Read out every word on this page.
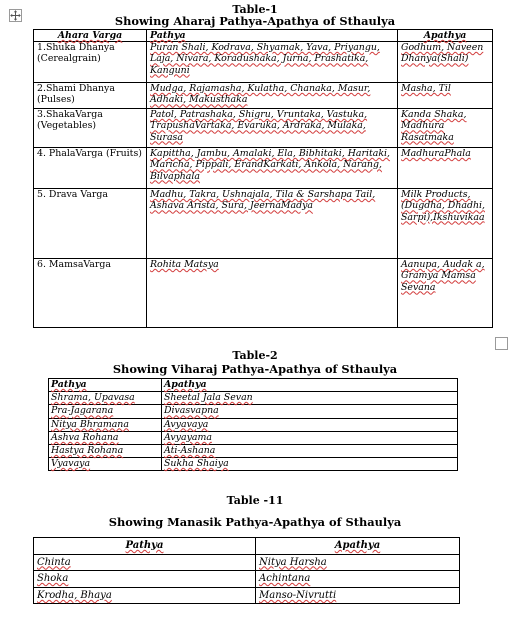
Table-1
Showing Aharaj Pathya-Apathya of Sthaulya
Ahara Varga	Pathya	Apathya
1.Shuka Dhanya (Cerealgrain)	Puran Shali, Kodrava, Shyamak, Yava, Priyangu, Laja, Nivara, Koradushaka, Jurna, Prashatika, Kanguni	Godhum, Naveen Dhanya(Shali)
2.Shami Dhanya (Pulses)	Mudga, Rajamasha, Kulatha, Chanaka, Masur, Adhaki, Makusthaka	Masha, Til
3.ShakaVarga (Vegetables)	Patol, Patrashaka, Shigru, Vruntaka, Vastuka, TrapushaVartaka, Evaruka, Ardraka, Mulaka, Surasa	Kanda Shaka, Madhura Rasatmaka
4. PhalaVarga (Fruits)	Kapittha, Jambu, Amalaki, Ela, Bibhitaki, Haritaki, Maricha, Pippali, ErandKarkati, Ankola, Narang, Bilvaphala	MadhuraPhala
5. Drava Varga	Madhu, Takra, Ushnajala, Tila & Sarshapa Tail, Ashava Arista, Sura, JeernaMadya	Milk Products, (Dugdha, Dhadhi, Sarpi),Ikshuvikaa
6. MamsaVarga	Rohita Matsya	Aanupa, Audak a, Gramya Mamsa Sevana
Table-2
Showing Viharaj Pathya-Apathya of Sthaulya
Pathya	Apathya
Shrama, Upavasa	Sheetal Jala Sevan
Pra-Jagarana	Divasvapna
Nitya Bhramana	Avyavaya
Ashva Rohana	Avyayama
Hastya Rohana	Ati-Ashana
Vyavaya	Sukha Shaiya
Table -11
Showing Manasik Pathya-Apathya of Sthaulya
Pathya	Apathya
Chinta	Nitya Harsha
Shoka	Achintana
Krodha, Bhaya	Manso-Nivrutti
